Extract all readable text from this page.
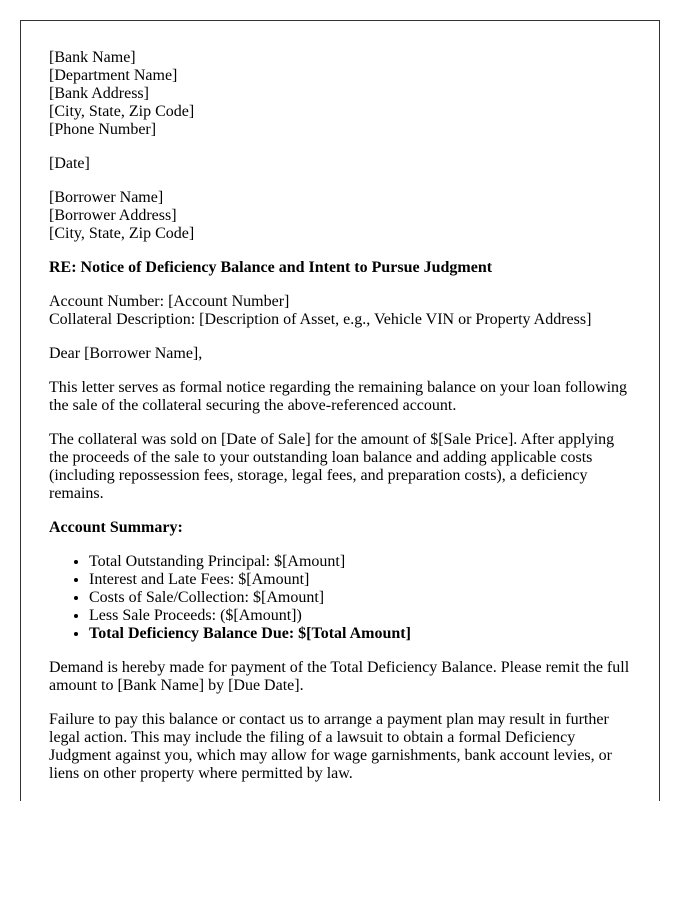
[Bank Name]
[Department Name]
[Bank Address]
[City, State, Zip Code]
[Phone Number]

[Date]

[Borrower Name]
[Borrower Address]
[City, State, Zip Code]

RE: Notice of Deficiency Balance and Intent to Pursue Judgment

Account Number: [Account Number]
Collateral Description: [Description of Asset, e.g., Vehicle VIN or Property Address]

Dear [Borrower Name],

This letter serves as formal notice regarding the remaining balance on your loan following the sale of the collateral securing the above-referenced account.

The collateral was sold on [Date of Sale] for the amount of $[Sale Price]. After applying the proceeds of the sale to your outstanding loan balance and adding applicable costs (including repossession fees, storage, legal fees, and preparation costs), a deficiency remains.

Account Summary:

• Total Outstanding Principal: $[Amount]
• Interest and Late Fees: $[Amount]
• Costs of Sale/Collection: $[Amount]
• Less Sale Proceeds: ($[Amount])
• Total Deficiency Balance Due: $[Total Amount]

Demand is hereby made for payment of the Total Deficiency Balance. Please remit the full amount to [Bank Name] by [Due Date].

Failure to pay this balance or contact us to arrange a payment plan may result in further legal action. This may include the filing of a lawsuit to obtain a formal Deficiency Judgment against you, which may allow for wage garnishments, bank account levies, or liens on other property where permitted by law.
